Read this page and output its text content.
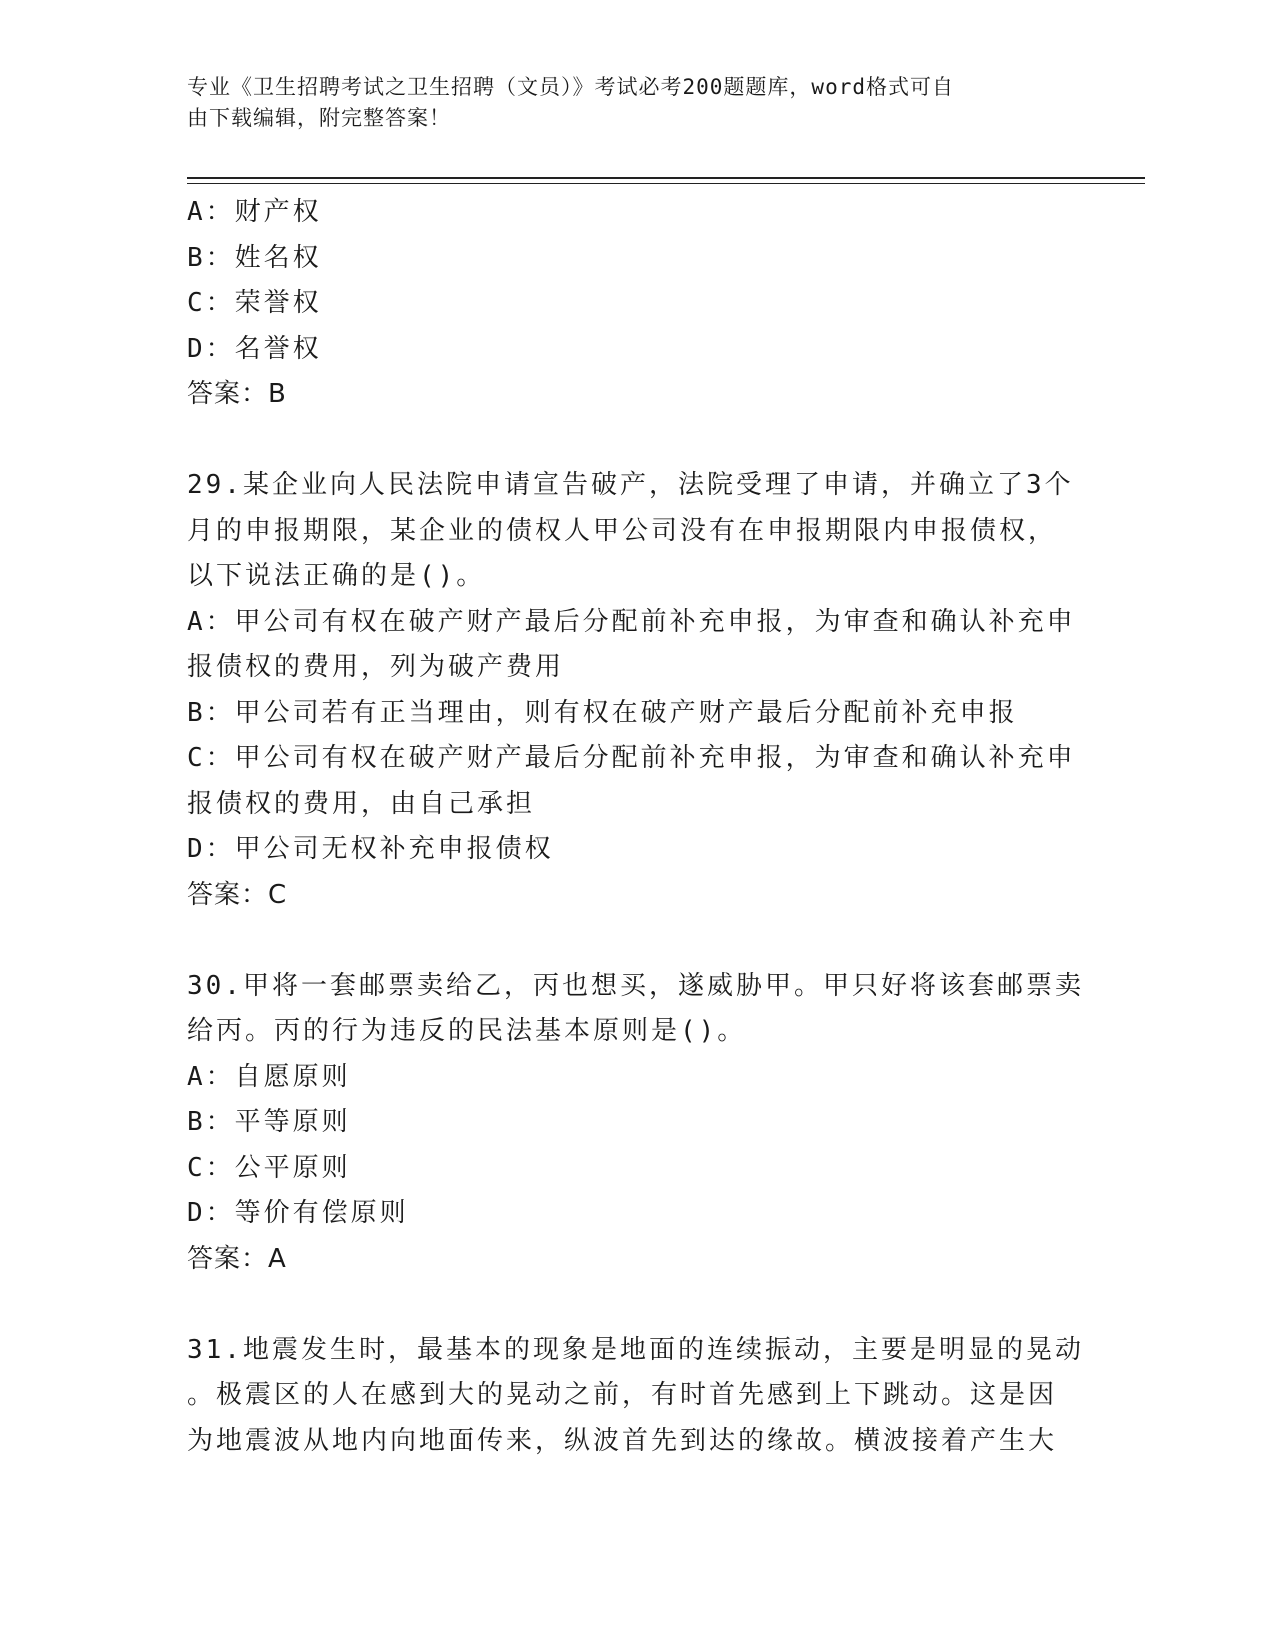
专业《卫生招聘考试之卫生招聘（文员）》考试必考200题题库，word格式可自
由下载编辑，附完整答案！
A：财产权
B：姓名权
C：荣誉权
D：名誉权
答案：B
29.某企业向人民法院申请宣告破产，法院受理了申请，并确立了3个
月的申报期限，某企业的债权人甲公司没有在申报期限内申报债权，
以下说法正确的是()。
A：甲公司有权在破产财产最后分配前补充申报，为审查和确认补充申
报债权的费用，列为破产费用
B：甲公司若有正当理由，则有权在破产财产最后分配前补充申报
C：甲公司有权在破产财产最后分配前补充申报，为审查和确认补充申
报债权的费用，由自己承担
D：甲公司无权补充申报债权
答案：C
30.甲将一套邮票卖给乙，丙也想买，遂威胁甲。甲只好将该套邮票卖
给丙。丙的行为违反的民法基本原则是()。
A：自愿原则
B：平等原则
C：公平原则
D：等价有偿原则
答案：A
31.地震发生时，最基本的现象是地面的连续振动，主要是明显的晃动
。极震区的人在感到大的晃动之前，有时首先感到上下跳动。这是因
为地震波从地内向地面传来，纵波首先到达的缘故。横波接着产生大
